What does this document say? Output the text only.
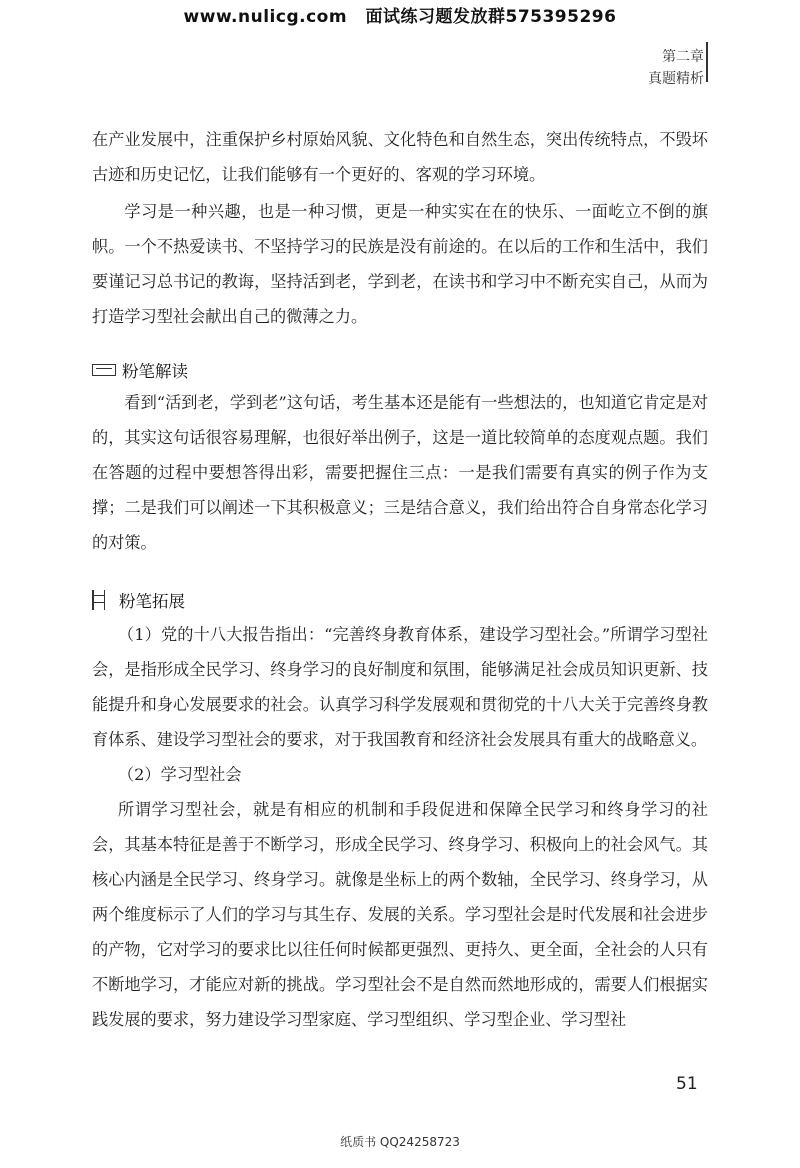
www.nulicg.com 面试练习题发放群575395296
第二章
真题精析

在产业发展中，注重保护乡村原始风貌、文化特色和自然生态，突出传统特点，不毁坏古迹和历史记忆，让我们能够有一个更好的、客观的学习环境。

学习是一种兴趣，也是一种习惯，更是一种实实在在的快乐、一面屹立不倒的旗帜。一个不热爱读书、不坚持学习的民族是没有前途的。在以后的工作和生活中，我们要谨记习总书记的教诲，坚持活到老，学到老，在读书和学习中不断充实自己，从而为打造学习型社会献出自己的微薄之力。

粉笔解读

看到“活到老，学到老”这句话，考生基本还是能有一些想法的，也知道它肯定是对的，其实这句话很容易理解，也很好举出例子，这是一道比较简单的态度观点题。我们在答题的过程中要想答得出彩，需要把握住三点：一是我们需要有真实的例子作为支撑；二是我们可以阐述一下其积极意义；三是结合意义，我们给出符合自身常态化学习的对策。

粉笔拓展

（1）党的十八大报告指出：“完善终身教育体系，建设学习型社会。”所谓学习型社会，是指形成全民学习、终身学习的良好制度和氛围，能够满足社会成员知识更新、技能提升和身心发展要求的社会。认真学习科学发展观和贯彻党的十八大关于完善终身教育体系、建设学习型社会的要求，对于我国教育和经济社会发展具有重大的战略意义。

（2）学习型社会

所谓学习型社会，就是有相应的机制和手段促进和保障全民学习和终身学习的社会，其基本特征是善于不断学习，形成全民学习、终身学习、积极向上的社会风气。其核心内涵是全民学习、终身学习。就像是坐标上的两个数轴，全民学习、终身学习，从两个维度标示了人们的学习与其生存、发展的关系。学习型社会是时代发展和社会进步的产物，它对学习的要求比以往任何时候都更强烈、更持久、更全面，全社会的人只有不断地学习，才能应对新的挑战。学习型社会不是自然而然地形成的，需要人们根据实践发展的要求，努力建设学习型家庭、学习型组织、学习型企业、学习型社

51
纸质书 QQ24258723
